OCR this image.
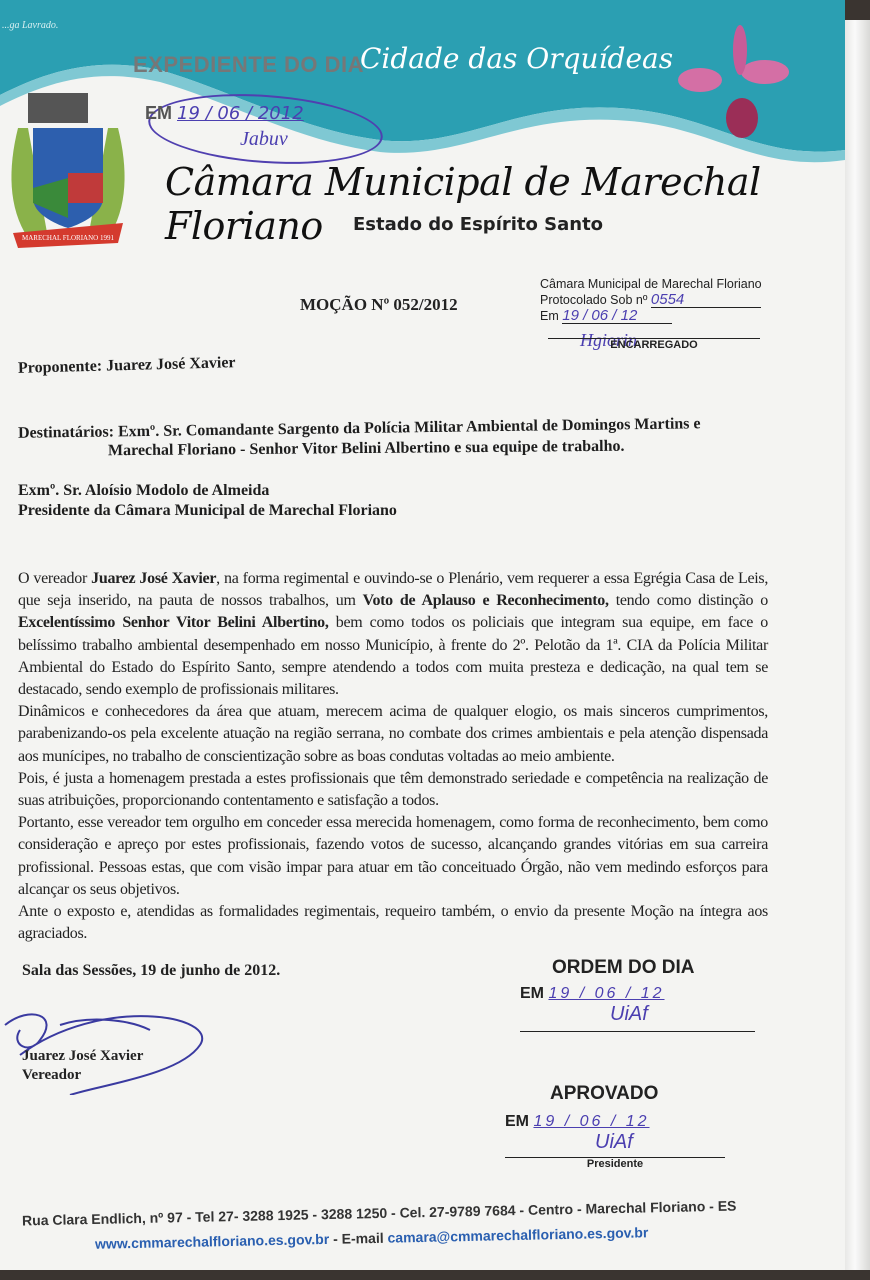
...ga Lavrado.
EXPEDIENTE DO DIA
Cidade das Orquídeas
EM 19 / 06 / 2012
Jabuv
MARECHAL FLORIANO 1991
Câmara Municipal de Marechal Floriano	Estado do Espírito Santo
MOÇÃO Nº 052/2012
Câmara Municipal de Marechal Floriano
Protocolado Sob nº 0554
Em 19 / 06 / 12
Hgiorin
ENCARREGADO
Proponente: Juarez José Xavier
Destinatários: Exmº. Sr. Comandante Sargento da Polícia Militar Ambiental de Domingos Martins e
Marechal Floriano - Senhor Vitor Belini Albertino e sua equipe de trabalho.
Exmº. Sr. Aloísio Modolo de Almeida
Presidente da Câmara Municipal de Marechal Floriano

O vereador Juarez José Xavier, na forma regimental e ouvindo-se o Plenário, vem requerer a essa Egrégia Casa de Leis, que seja inserido, na pauta de nossos trabalhos, um Voto de Aplauso e Reconhecimento, tendo como distinção o Excelentíssimo Senhor Vitor Belini Albertino, bem como todos os policiais que integram sua equipe, em face o belíssimo trabalho ambiental desempenhado em nosso Município, à frente do 2º. Pelotão da 1ª. CIA da Polícia Militar Ambiental do Estado do Espírito Santo, sempre atendendo a todos com muita presteza e dedicação, na qual tem se destacado, sendo exemplo de profissionais militares.

Dinâmicos e conhecedores da área que atuam, merecem acima de qualquer elogio, os mais sinceros cumprimentos, parabenizando-os pela excelente atuação na região serrana, no combate dos crimes ambientais e pela atenção dispensada aos munícipes, no trabalho de conscientização sobre as boas condutas voltadas ao meio ambiente.

Pois, é justa a homenagem prestada a estes profissionais que têm demonstrado seriedade e competência na realização de suas atribuições, proporcionando contentamento e satisfação a todos.

Portanto, esse vereador tem orgulho em conceder essa merecida homenagem, como forma de reconhecimento, bem como consideração e apreço por estes profissionais, fazendo votos de sucesso, alcançando grandes vitórias em sua carreira profissional. Pessoas estas, que com visão impar para atuar em tão conceituado Órgão, não vem medindo esforços para alcançar os seus objetivos.

Ante o exposto e, atendidas as formalidades regimentais, requeiro também, o envio da presente Moção na íntegra aos agraciados.

Sala das Sessões, 19 de junho de 2012.
Juarez José Xavier
Vereador
ORDEM DO DIA
EM 19 / 06 / 12
UiAf
APROVADO
EM 19 / 06 / 12
UiAf
Presidente
Rua Clara Endlich, nº 97 - Tel 27- 3288 1925 - 3288 1250 - Cel. 27-9789 7684 - Centro - Marechal Floriano - ES
www.cmmarechalfloriano.es.gov.br - E-mail camara@cmmarechalfloriano.es.gov.br
